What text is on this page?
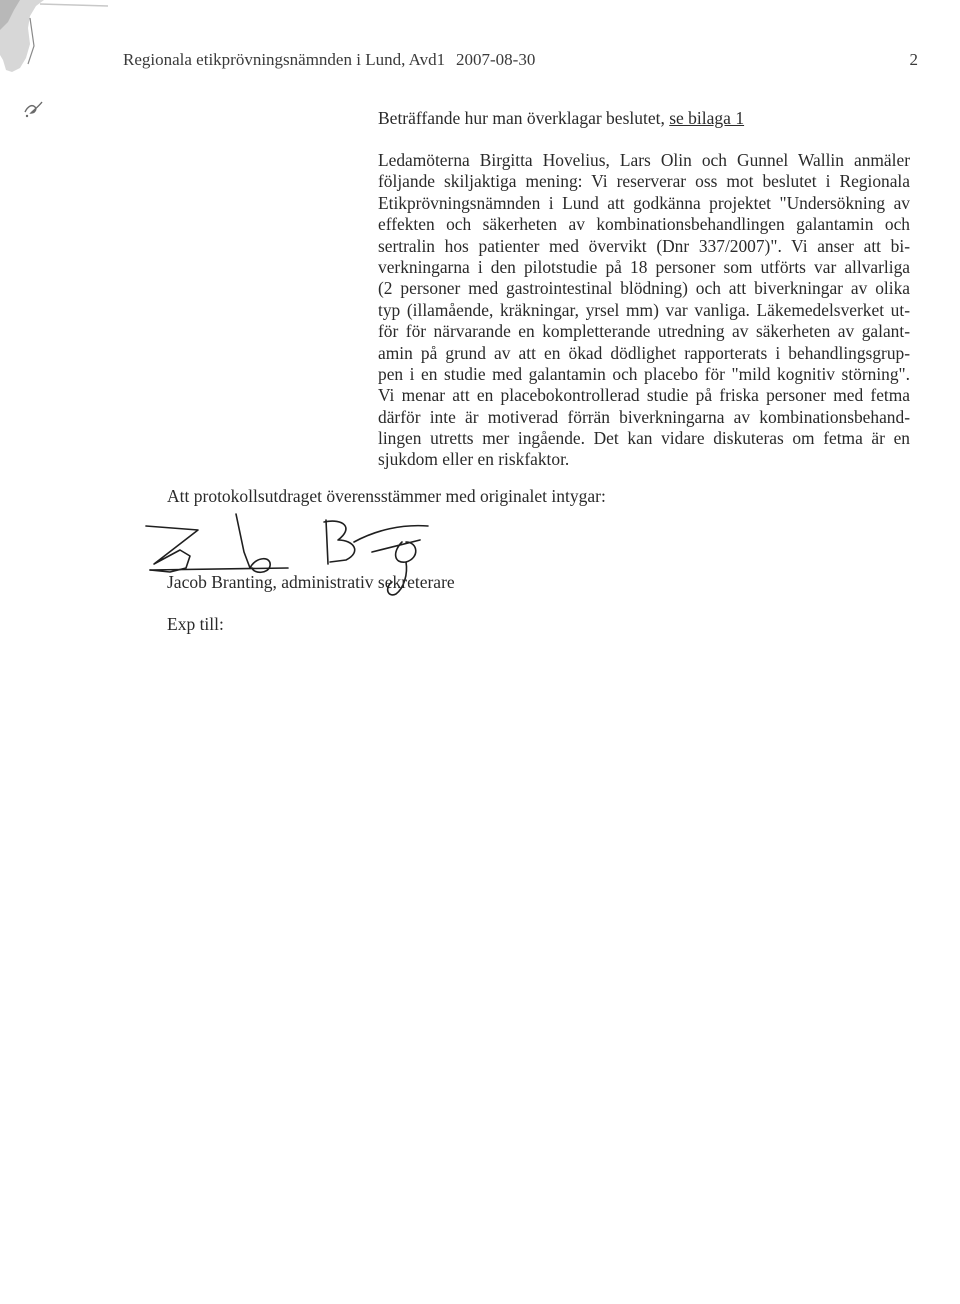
Regionala etikprövningsnämnden i Lund, Avd1 2007-08-30	2
Beträffande hur man överklagar beslutet, se bilaga 1
Ledamöterna Birgitta Hovelius, Lars Olin och Gunnel Wallin anmäler
följande skiljaktiga mening: Vi reserverar oss mot beslutet i Regionala
Etikprövningsnämnden i Lund att godkänna projektet "Undersökning av
effekten och säkerheten av kombinationsbehandlingen galantamin och
sertralin hos patienter med övervikt (Dnr 337/2007)". Vi anser att bi-
verkningarna i den pilotstudie på 18 personer som utförts var allvarliga
(2 personer med gastrointestinal blödning) och att biverkningar av olika
typ (illamående, kräkningar, yrsel mm) var vanliga. Läkemedelsverket ut-
för för närvarande en kompletterande utredning av säkerheten av galant-
amin på grund av att en ökad dödlighet rapporterats i behandlingsgrup-
pen i en studie med galantamin och placebo för "mild kognitiv störning".
Vi menar att en placebokontrollerad studie på friska personer med fetma
därför inte är motiverad förrän biverkningarna av kombinationsbehand-
lingen utretts mer ingående. Det kan vidare diskuteras om fetma är en
sjukdom eller en riskfaktor.
Att protokollsutdraget överensstämmer med originalet intygar:
Jacob Branting, administrativ sekreterare
Exp till:
